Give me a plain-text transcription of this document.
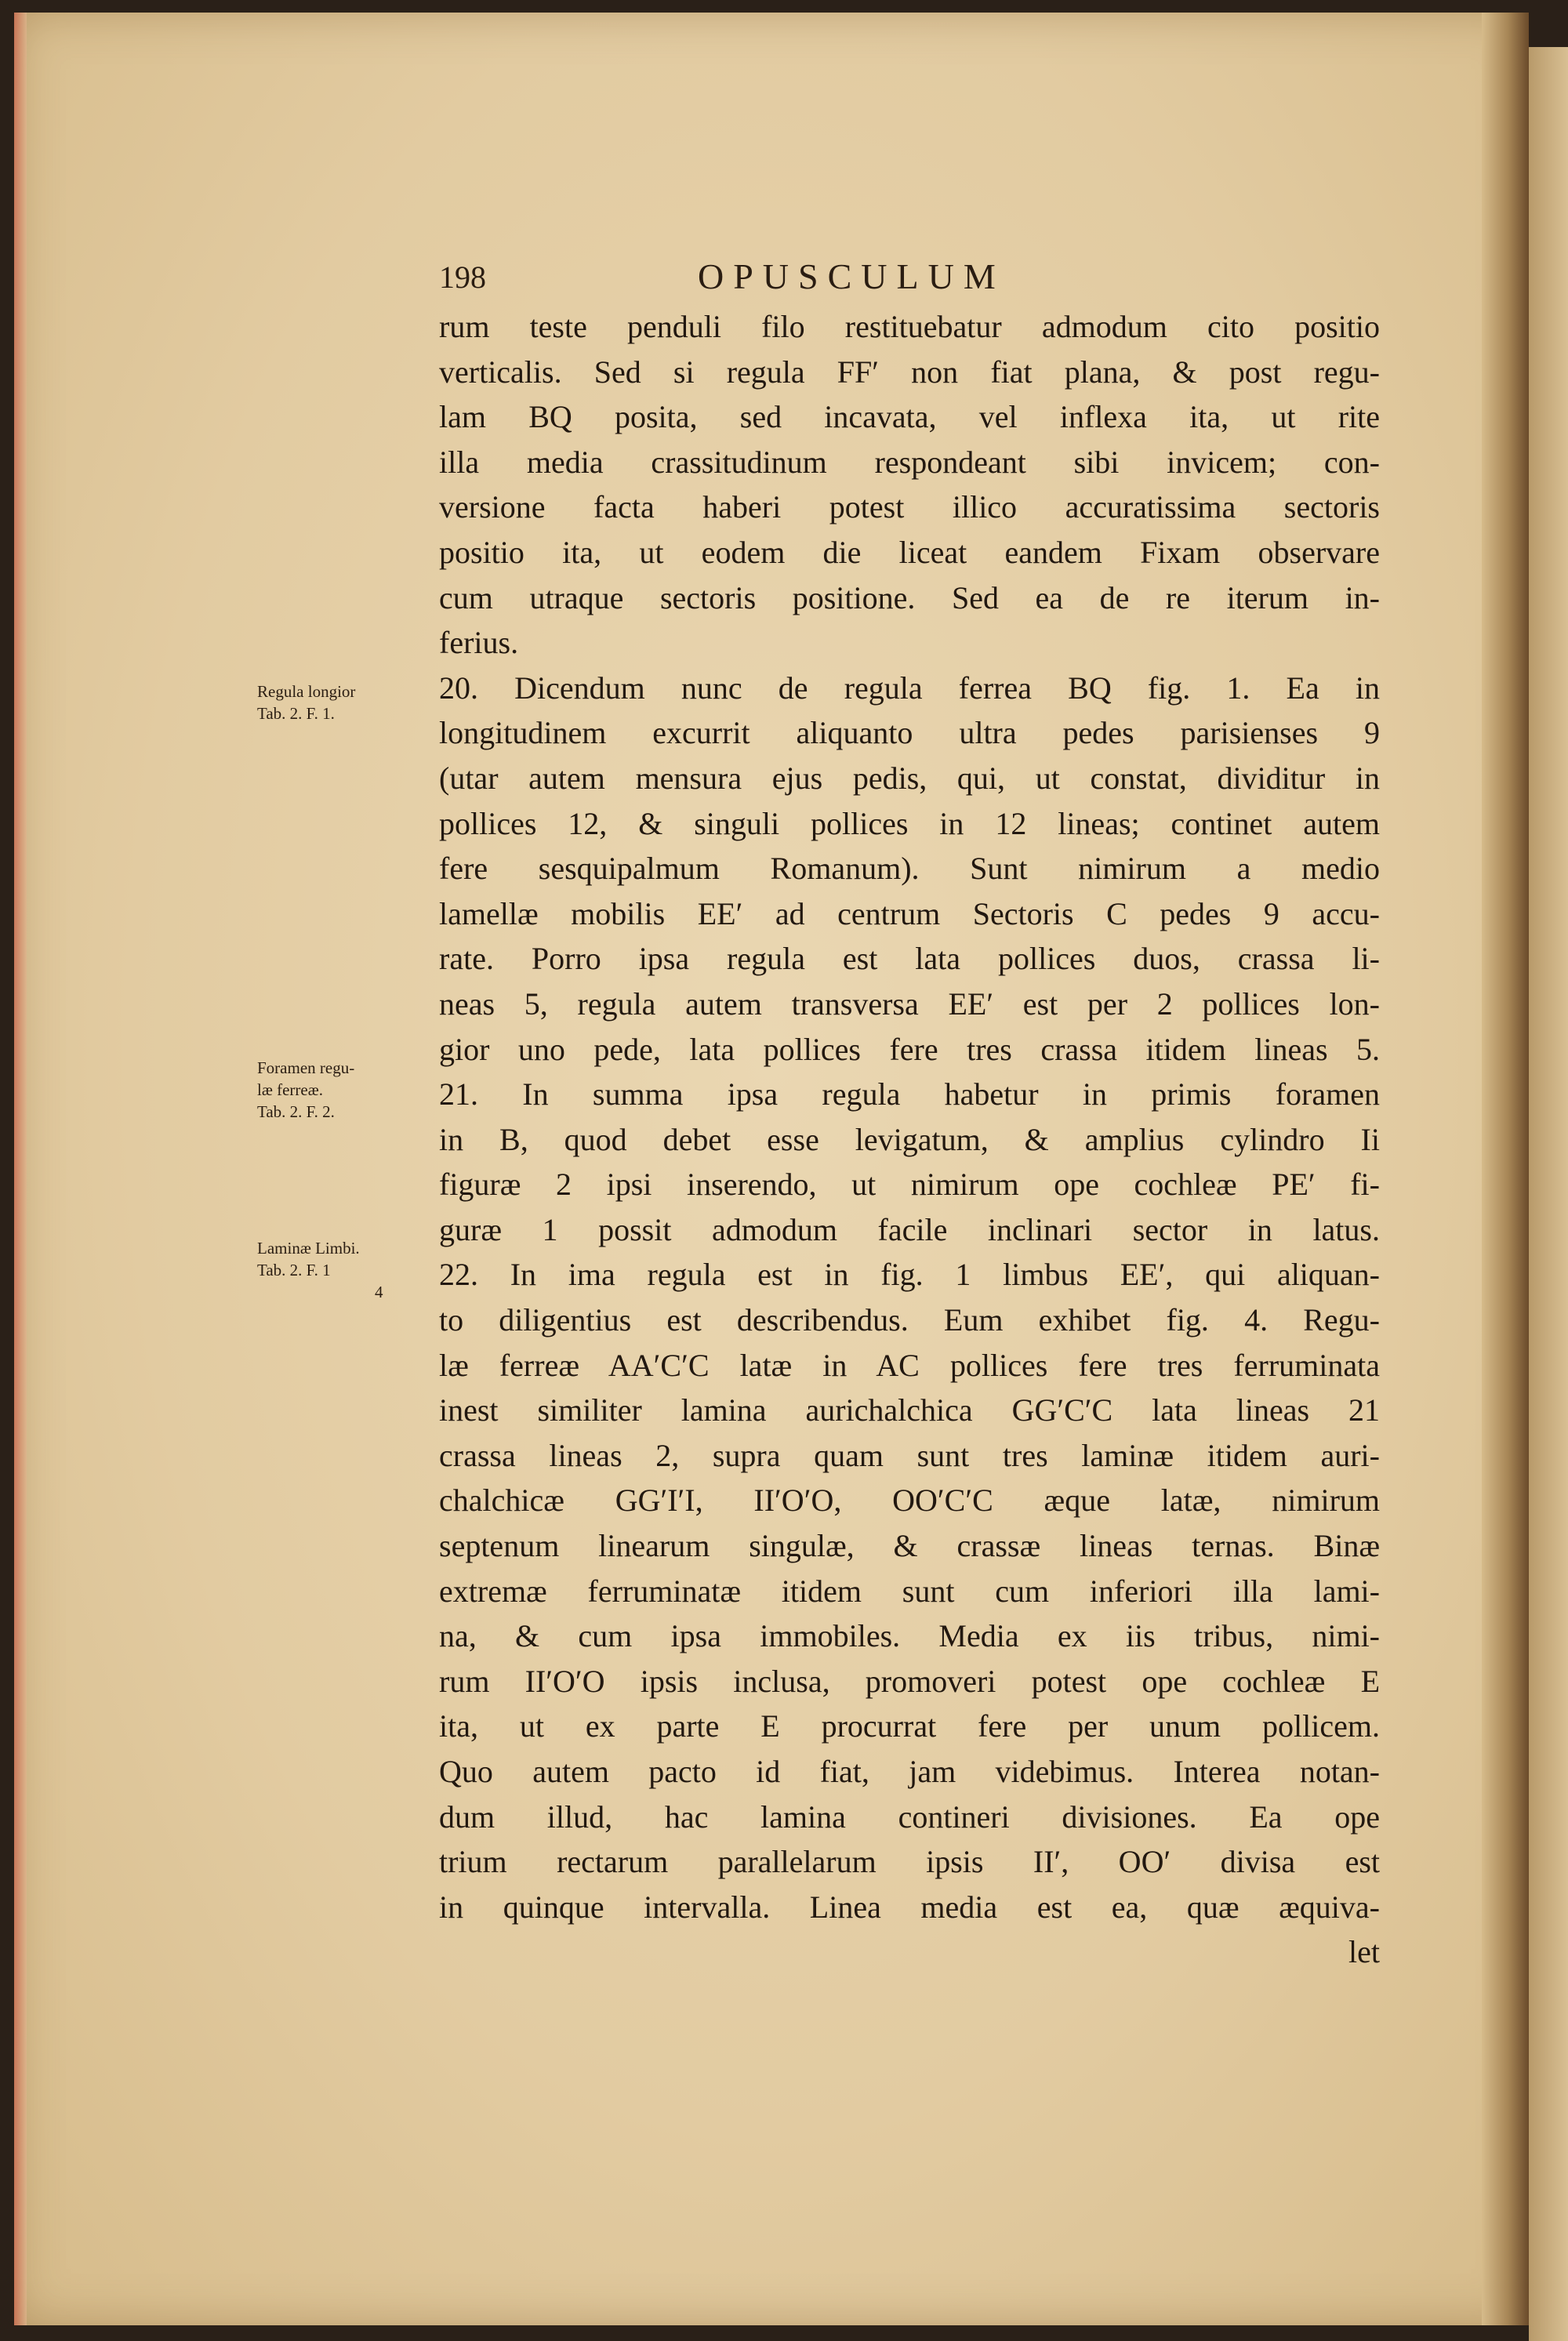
198	OPUSCULUM
Regula longior
Tab. 2. F. 1.
Foramen regu-
læ ferreæ.
Tab. 2. F. 2.
Laminæ Limbi.
Tab. 2. F. 1
4
rum teste penduli filo restituebatur admodum cito positio
verticalis. Sed si regula FF′ non fiat plana, & post regu-
lam BQ posita, sed incavata, vel inflexa ita, ut rite
illa media crassitudinum respondeant sibi invicem; con-
versione facta haberi potest illico accuratissima sectoris
positio ita, ut eodem die liceat eandem Fixam observare
cum utraque sectoris positione. Sed ea de re iterum in-
ferius.
20. Dicendum nunc de regula ferrea BQ fig. 1. Ea in
longitudinem excurrit aliquanto ultra pedes parisienses 9
(utar autem mensura ejus pedis, qui, ut constat, dividitur in
pollices 12, & singuli pollices in 12 lineas; continet autem
fere sesquipalmum Romanum). Sunt nimirum a medio
lamellæ mobilis EE′ ad centrum Sectoris C pedes 9 accu-
rate. Porro ipsa regula est lata pollices duos, crassa li-
neas 5, regula autem transversa EE′ est per 2 pollices lon-
gior uno pede, lata pollices fere tres crassa itidem lineas 5.
21. In summa ipsa regula habetur in primis foramen
in B, quod debet esse levigatum, & amplius cylindro Ii
figuræ 2 ipsi inserendo, ut nimirum ope cochleæ PE′ fi-
guræ 1 possit admodum facile inclinari sector in latus.
22. In ima regula est in fig. 1 limbus EE′, qui aliquan-
to diligentius est describendus. Eum exhibet fig. 4. Regu-
læ ferreæ AA′C′C latæ in AC pollices fere tres ferruminata
inest similiter lamina aurichalchica GG′C′C lata lineas 21
crassa lineas 2, supra quam sunt tres laminæ itidem auri-
chalchicæ GG′I′I, II′O′O, OO′C′C æque latæ, nimirum
septenum linearum singulæ, & crassæ lineas ternas. Binæ
extremæ ferruminatæ itidem sunt cum inferiori illa lami-
na, & cum ipsa immobiles. Media ex iis tribus, nimi-
rum II′O′O ipsis inclusa, promoveri potest ope cochleæ E
ita, ut ex parte E procurrat fere per unum pollicem.
Quo autem pacto id fiat, jam videbimus. Interea notan-
dum illud, hac lamina contineri divisiones. Ea ope
trium rectarum parallelarum ipsis II′, OO′ divisa est
in quinque intervalla. Linea media est ea, quæ æquiva-
let
